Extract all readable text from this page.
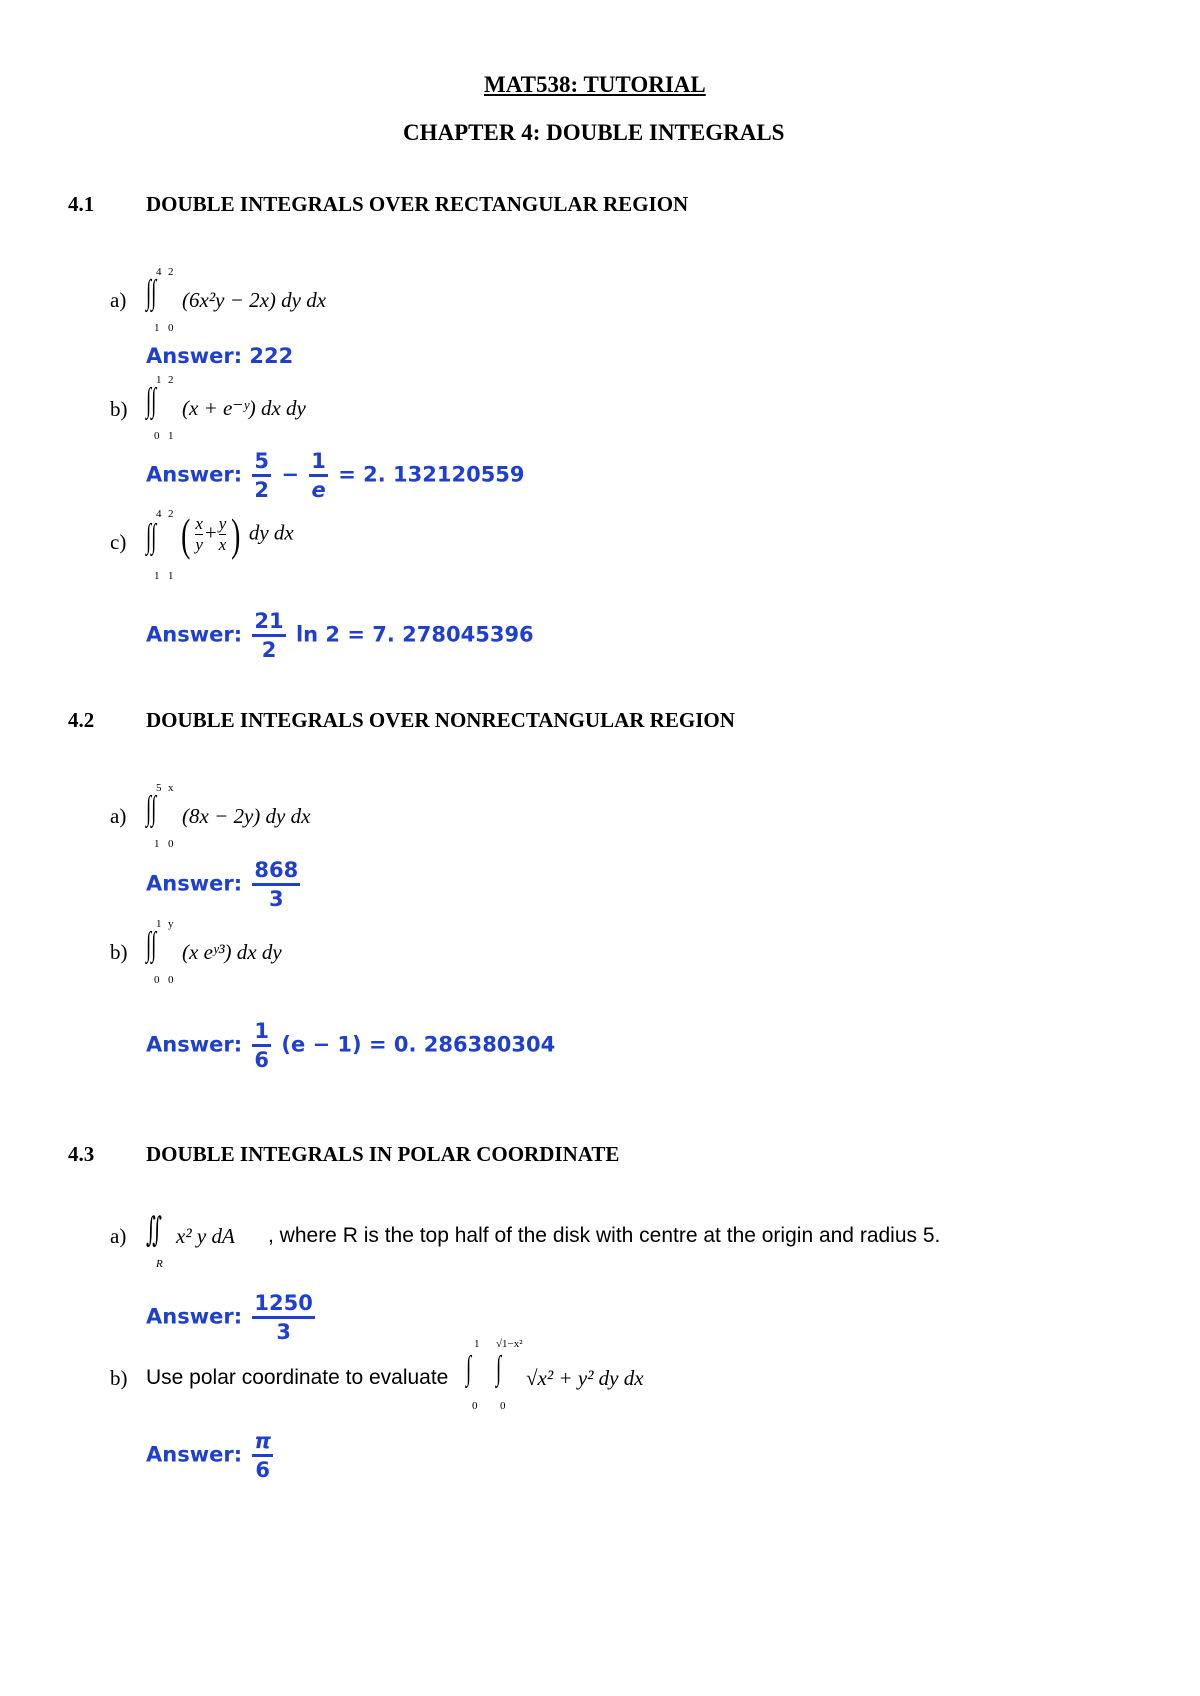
MAT538: TUTORIAL
CHAPTER 4: DOUBLE INTEGRALS
4.1 DOUBLE INTEGRALS OVER RECTANGULAR REGION
a) ∫∫
4 2
1 0
(6x²y − 2x) dy dx
Answer: 222
b) ∫∫
1 2
0 1
(x + e⁻ʸ) dx dy
Answer: $\frac{5}{2} - \frac{1}{e} = 2$. 132120559
c) ∫∫
4 2
1 1
( $\frac{x}{y} + \frac{y}{x}$ ) dy dx
Answer: $\frac{21}{2}$ ln 2 = 7. 278045396
4.2 DOUBLE INTEGRALS OVER NONRECTANGULAR REGION
a) ∫∫
5 x
1 0
(8x − 2y) dy dx
Answer: $\frac{868}{3}$
b) ∫∫
1 y
0 0
(x eʸ³) dx dy
Answer: $\frac{1}{6} (e - 1) = 0$. 286380304
4.3 DOUBLE INTEGRALS IN POLAR COORDINATE
a) ∬
R
x² y dA , where R is the top half of the disk with centre at the origin and radius 5.
Answer: $\frac{1250}{3}$
b) Use polar coordinate to evaluate ∫ ∫
1 √1−x²
0 0
√x² + y² dy dx
Answer: $\frac{\pi}{6}$
